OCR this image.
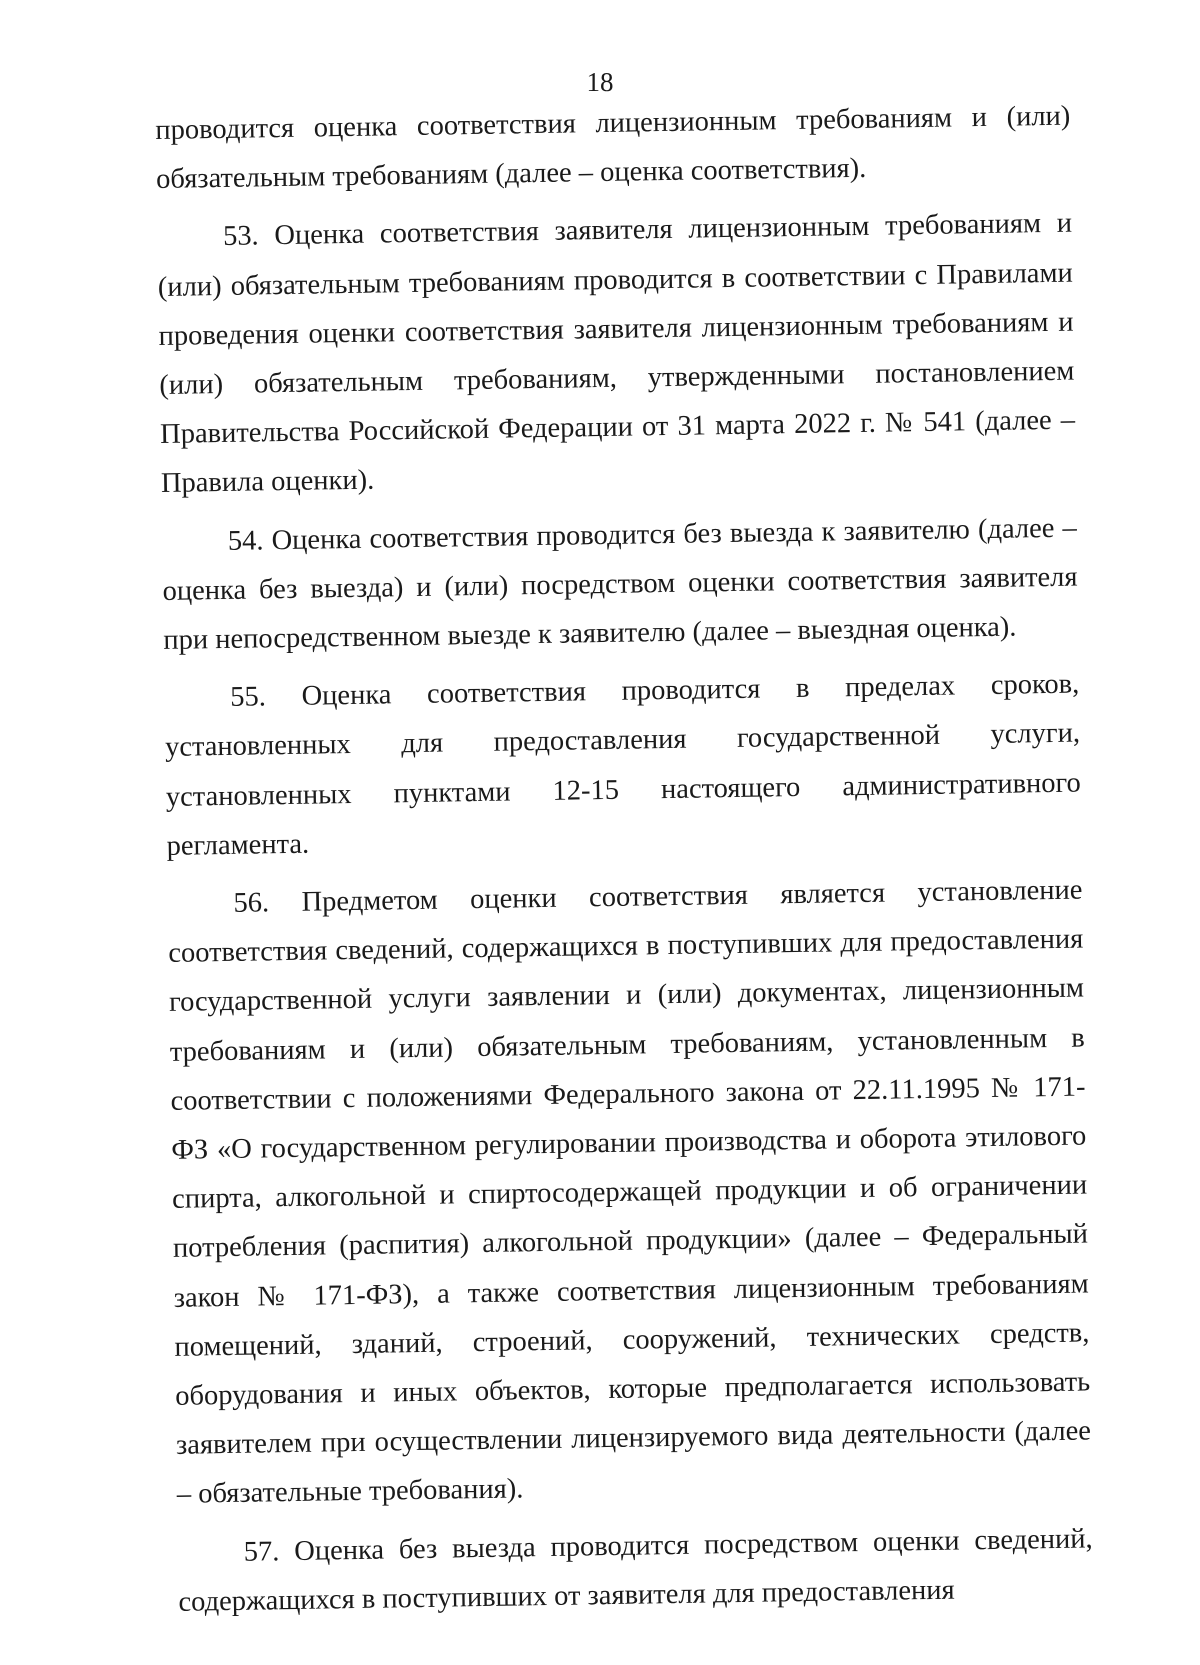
18

проводится оценка соответствия лицензионным требованиям и (или) обязательным требованиям (далее – оценка соответствия).

53. Оценка соответствия заявителя лицензионным требованиям и (или) обязательным требованиям проводится в соответствии с Правилами проведения оценки соответствия заявителя лицензионным требованиям и (или) обязательным требованиям, утвержденными постановлением Правительства Российской Федерации от 31 марта 2022 г. № 541 (далее – Правила оценки).

54. Оценка соответствия проводится без выезда к заявителю (далее – оценка без выезда) и (или) посредством оценки соответствия заявителя при непосредственном выезде к заявителю (далее – выездная оценка).

55. Оценка соответствия проводится в пределах сроков, установленных для предоставления государственной услуги, установленных пунктами 12-15 настоящего административного регламента.

56. Предметом оценки соответствия является установление соответствия сведений, содержащихся в поступивших для предоставления государственной услуги заявлении и (или) документах, лицензионным требованиям и (или) обязательным требованиям, установленным в соответствии с положениями Федерального закона от 22.11.1995 № 171-ФЗ «О государственном регулировании производства и оборота этилового спирта, алкогольной и спиртосодержащей продукции и об ограничении потребления (распития) алкогольной продукции» (далее – Федеральный закон № 171-ФЗ), а также соответствия лицензионным требованиям помещений, зданий, строений, сооружений, технических средств, оборудования и иных объектов, которые предполагается использовать заявителем при осуществлении лицензируемого вида деятельности (далее – обязательные требования).

57. Оценка без выезда проводится посредством оценки сведений, содержащихся в поступивших от заявителя для предоставления
